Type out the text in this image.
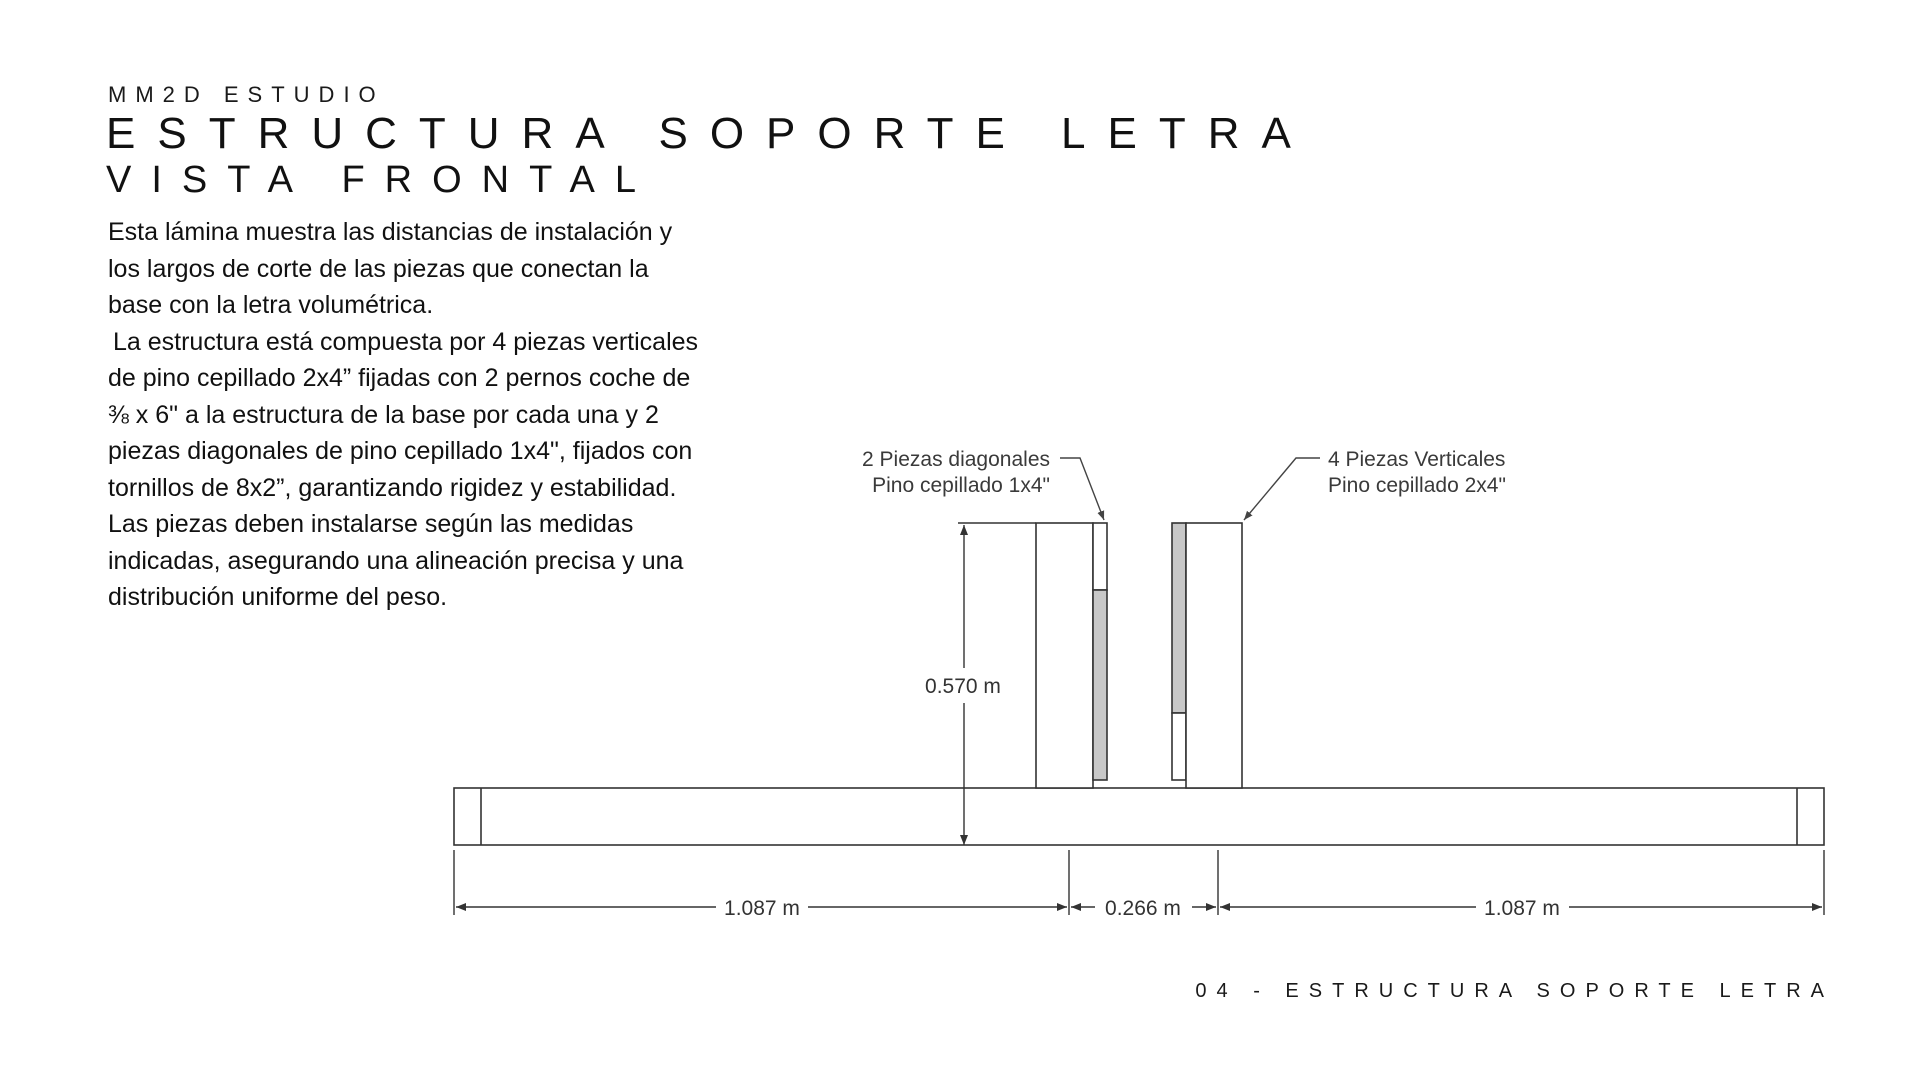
MM2D ESTUDIO
ESTRUCTURA SOPORTE LETRA
VISTA FRONTAL

Esta lámina muestra las distancias de instalación y los largos de corte de las piezas que conectan la base con la letra volumétrica.

La estructura está compuesta por 4 piezas verticales de pino cepillado 2x4” fijadas con 2 pernos coche de ⅜ x 6" a la estructura de la base por cada una y 2 piezas diagonales de pino cepillado 1x4", fijados con tornillos de 8x2”, garantizando rigidez y estabilidad.

Las piezas deben instalarse según las medidas indicadas, asegurando una alineación precisa y una distribución uniforme del peso.

0.570 m
1.087 m	0.266 m	1.087 m
2 Piezas diagonales
Pino cepillado 1x4"
4 Piezas Verticales
Pino cepillado 2x4"
04 - ESTRUCTURA SOPORTE LETRA
